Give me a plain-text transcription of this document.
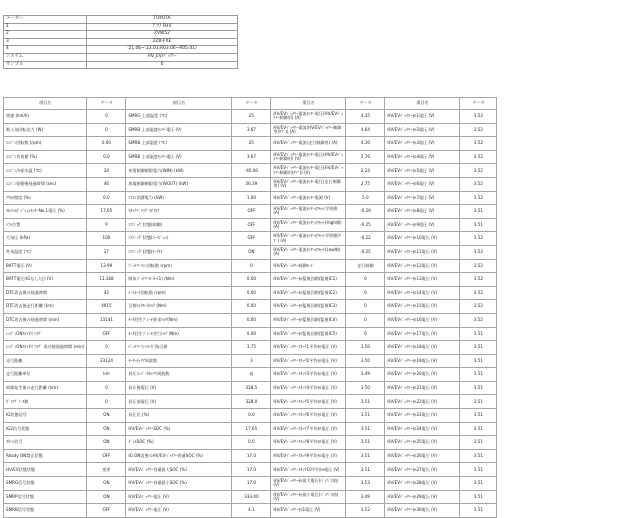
メーカー	TOYOTA
1	ｱﾞｸｱ FHV
2	ZVW52
3	2ZR-FXE
4	'21.06~'23.01;R03.06~R05.01)
システム	HV_EV/ﾊﾞｯﾃﾘｰ
サンプル	0
項目名	データ	項目名	データ	項目名	データ	項目名	データ
車速 (km/h)	0	SMRG 上部温度 (℃)	25	HV/EVﾊﾞｯﾃﾘｰ電流ｾﾝｻｰ電圧(HV/EVﾊﾞｯﾃﾘｰ制御用) (A)	4.35	HV/EVﾊﾞｯﾃﾘｰｾﾙ1電圧 (V)	3.52
吸入気回転出力 (W)	0	SMRB 上部温度ｾﾝｻｰ電圧 (V)	3.67	HV/EVﾊﾞｯﾃﾘｰ電流(HV/EVﾊﾞｯﾃﾘｰ制御用(ｻﾌﾞ)) (A)	4.64	HV/EVﾊﾞｯﾃﾘｰｾﾙ2電圧 (V)	3.52
ｴﾝｼﾞﾝ回転数 (rpm)	0.00	SMRB 上部温度 (℃)	25	HV/EVﾊﾞｯﾃﾘｰ電流(走行制御用) (A)	4.10	HV/EVﾊﾞｯﾃﾘｰｾﾙ3電圧 (V)	3.52
ｴﾝｼﾞﾝ負荷値 (%)	0.0	SMRB 上部温度ｾﾝｻｰ電圧 (V)	3.67	HV/EVﾊﾞｯﾃﾘｰ電流ｾﾝｻｰ電圧(HV/EVﾊﾞｯﾃﾘｰ制御用) (V)	2.76	HV/EVﾊﾞｯﾃﾘｰｾﾙ4電圧 (V)	3.52
ｴﾝｼﾞﾝ冷却水温 (℃)	24	充電制御制限電力(WIN) (kW)	-40.00	HV/EVﾊﾞｯﾃﾘｰ電流ｾﾝｻｰ電圧(HV/EVﾊﾞｯﾃﾘｰ制御用(ｻﾌﾞ)) (V)	2.24	HV/EVﾊﾞｯﾃﾘｰｾﾙ5電圧 (V)	3.52
ｴﾝｼﾞﾝ始動後経過時間 (sec)	46	放電制御制限電力(WOUT) (kW)	56.39	HV/EVﾊﾞｯﾃﾘｰ電流ｾﾝｻｰ電圧(走行制御用) (V)	2.75	HV/EVﾊﾞｯﾃﾘｰｾﾙ6電圧 (V)	3.52
ｱｸｾﾙ開度 (%)	0.0	ｴｱｺﾝ消費電力 (kW)	1.00	HV/EVﾊﾞｯﾃﾘｰ電流ｾﾝｻｰ電源 (V)	5.0	HV/EVﾊﾞｯﾃﾘｰｾﾙ7電圧 (V)	3.52
ｽﾛｯﾄﾙﾎﾟｼﾞｼｮﾝｾﾝｻｰNo.1電圧 (%)	17.65	ｽﾀｯｸﾄﾞﾌﾗｸﾞｽﾃｲﾀｽ	OFF	HV/EVﾊﾞｯﾃﾘｰ電流ｾﾝｻｰｵﾌｾｯﾄ学習値 (A)	-0.29	HV/EVﾊﾞｯﾃﾘｰｾﾙ8電圧 (V)	3.51
ｼﾌﾄ位置	P	ｴｱﾊﾞｯｸﾞ状態(制御)	OFF	HV/EVﾊﾞｯﾃﾘｰ電流ｾﾝｻｰｵﾌｾｯﾄ(High側) (A)	-0.25	HV/EVﾊﾞｯﾃﾘｰｾﾙ9電圧 (V)	3.51
大気圧 (kPa)	100	ｴｱﾊﾞｯｸﾞ状態(ｺｰﾘｼﾞｮﾝ)	OFF	HV/EVﾊﾞｯﾃﾘｰ電流ｾﾝｻｰｵﾌｾｯﾄ学習値(ｻﾌﾞ) (A)	-0.22	HV/EVﾊﾞｯﾃﾘｰｾﾙ10電圧 (V)	3.52
外気温度 (℃)	27	ｴｱﾊﾞｯｸﾞ状態(ｻｰｸﾙ)	ON	HV/EVﾊﾞｯﾃﾘｰ電流ｾﾝｻｰｵﾌｾｯﾄ(Low側) (A)	-0.25	HV/EVﾊﾞｯﾃﾘｰｾﾙ11電圧 (V)	3.52
BATT電圧 (V)	13.99	ﾊﾞｯﾃﾘｰﾌｧﾝ回転数 (rpm)	0	HV/EVﾊﾞｯﾃﾘｰ制御ﾓｰﾄﾞ	走行制御	HV/EVﾊﾞｯﾃﾘｰｾﾙ12電圧 (V)	3.52
BATT電圧(IGなし/止) (V)	13.168	吸気ﾊﾞｯﾃﾘｰﾓｰﾀｰ(1) (Nm)	0.00	HV/EVﾊﾞｯﾃﾘｰｾﾙ監視回路(監視IC1)	0	HV/EVﾊﾞｯﾃﾘｰｾﾙ13電圧 (V)	3.52
DTC消去後の経過時間	42	ｼｰﾄﾋｰﾀ回転数 (rpm)	0.00	HV/EVﾊﾞｯﾃﾘｰｾﾙ監視回路(監視IC2)	0	HV/EVﾊﾞｯﾃﾘｰｾﾙ14電圧 (V)	3.52
DTC消去後走行距離 (km)	4915	目標ﾄﾙｸﾓｰﾀﾄﾙｸ (Nm)	0.00	HV/EVﾊﾞｯﾃﾘｰｾﾙ監視回路(監視IC3)	0	HV/EVﾊﾞｯﾃﾘｰｾﾙ15電圧 (V)	3.52
DTC消去後の経過時間 (min)	13141	ﾓｰﾀ回生ﾌﾞﾚｰｷ要求ﾄﾙｸ(Nm)	0.00	HV/EVﾊﾞｯﾃﾘｰｾﾙ監視回路(監視IC4)	0	HV/EVﾊﾞｯﾃﾘｰｾﾙ16電圧 (V)	3.52
ﾚｯﾃﾞｨONｽﾃｲﾀｽ ﾌﾗｸﾞ	OFF	ﾓｰﾀ回生ﾌﾞﾚｰｷ実行ﾄﾙｸ (Nm)	0.00	HV/EVﾊﾞｯﾃﾘｰｾﾙ監視回路(監視IC5)	0	HV/EVﾊﾞｯﾃﾘｰｾﾙ17電圧 (V)	3.51
ﾚｯﾃﾞｨONｽﾃｲﾀｽ ﾌﾗｸﾞ 成功後経過時間 (min)	0	ﾊﾞｯﾃﾘｰﾌｧﾝﾓｰﾀﾞ指示値	3.75	HV/EVﾊﾞｯﾃﾘｰｽﾀｯｸ1平均ｾﾙ電圧 (V)	3.50	HV/EVﾊﾞｯﾃﾘｰｾﾙ18電圧 (V)	3.51
走行距離	33124	ﾓｰﾀｰｷｬﾘｱ周波数	3	HV/EVﾊﾞｯﾃﾘｰｽﾀｯｸ2平均ｾﾙ電圧 (V)	3.50	HV/EVﾊﾞｯﾃﾘｰｾﾙ19電圧 (V)	3.51
走行距離単位	km	昇圧ｺﾝﾊﾞｰﾀｷｬﾘｱ周波数	高	HV/EVﾊﾞｯﾃﾘｰｽﾀｯｸ3平均ｾﾙ電圧 (V)	3.49	HV/EVﾊﾞｯﾃﾘｰｾﾙ20電圧 (V)	3.51
故障発生後の走行距離 (km)	0	昇圧後電圧 (V)	328.5	HV/EVﾊﾞｯﾃﾘｰｽﾀｯｸ4平均ｾﾙ電圧 (V)	3.50	HV/EVﾊﾞｯﾃﾘｰｾﾙ21電圧 (V)	3.51
ﾀﾞｲｱｸﾞﾉｰｽ数	0	昇圧前電圧 (V)	328.0	HV/EVﾊﾞｯﾃﾘｰｽﾀｯｸ5平均ｾﾙ電圧 (V)	3.51	HV/EVﾊﾞｯﾃﾘｰｾﾙ22電圧 (V)	3.51
IG状態信号	ON	昇圧比 (%)	0.0	HV/EVﾊﾞｯﾃﾘｰｽﾀｯｸ6平均ｾﾙ電圧 (V)	3.51	HV/EVﾊﾞｯﾃﾘｰｾﾙ23電圧 (V)	3.51
IG2信号状態	ON	HV/EVﾊﾞｯﾃﾘｰSOC (%)	17.65	HV/EVﾊﾞｯﾃﾘｰｽﾀｯｸ7平均ｾﾙ電圧 (V)	3.51	HV/EVﾊﾞｯﾃﾘｰｾﾙ24電圧 (V)	3.51
ｽﾀｰﾄ信号	ON	ﾃﾞｨﾙSOC (%)	0.0	HV/EVﾊﾞｯﾃﾘｰｽﾀｯｸ8平均ｾﾙ電圧 (V)	3.51	HV/EVﾊﾞｯﾃﾘｰｾﾙ25電圧 (V)	3.51
Ready ON禁止状態	OFF	IG ON直後のHV/EVﾊﾞｯﾃﾘｰ容量SOC (%)	17.0	HV/EVﾊﾞｯﾃﾘｰｽﾀｯｸ9平均ｾﾙ電圧 (V)	3.51	HV/EVﾊﾞｯﾃﾘｰｾﾙ26電圧 (V)	3.51
HV/EV状態状態	変更	HV/EVﾊﾞｯﾃﾘｰ容量最大SOC (%)	17.0	HV/EVﾊﾞｯﾃﾘｰｽﾀｯｸ10平均ｾﾙ電圧 (V)	3.51	HV/EVﾊﾞｯﾃﾘｰｾﾙ27電圧 (V)	3.51
SMRG信号状態	ON	HV/EVﾊﾞｯﾃﾘｰ容量最小SOC (%)	17.0	HV/EVﾊﾞｯﾃﾘｰｾﾙ最大電圧(ﾊﾞｲﾊﾟｽ前) (V)	3.53	HV/EVﾊﾞｯﾃﾘｰｾﾙ28電圧 (V)	3.51
SMRP信号状態	ON	HV/EVﾊﾞｯﾃﾘｰ電圧 (V)	333.00	HV/EVﾊﾞｯﾃﾘｰｾﾙ最小電圧(ﾊﾞｲﾊﾟｽ前) (V)	3.49	HV/EVﾊﾞｯﾃﾘｰｾﾙ29電圧 (V)	3.51
SMRB信号状態	OFF	HV/EVﾊﾞｯﾃﾘｰ電圧 (V)	4.1	HV/EVﾊﾞｯﾃﾘｰｾﾙ1電圧 (V)	3.52	HV/EVﾊﾞｯﾃﾘｰｾﾙ30電圧 (V)	3.51
